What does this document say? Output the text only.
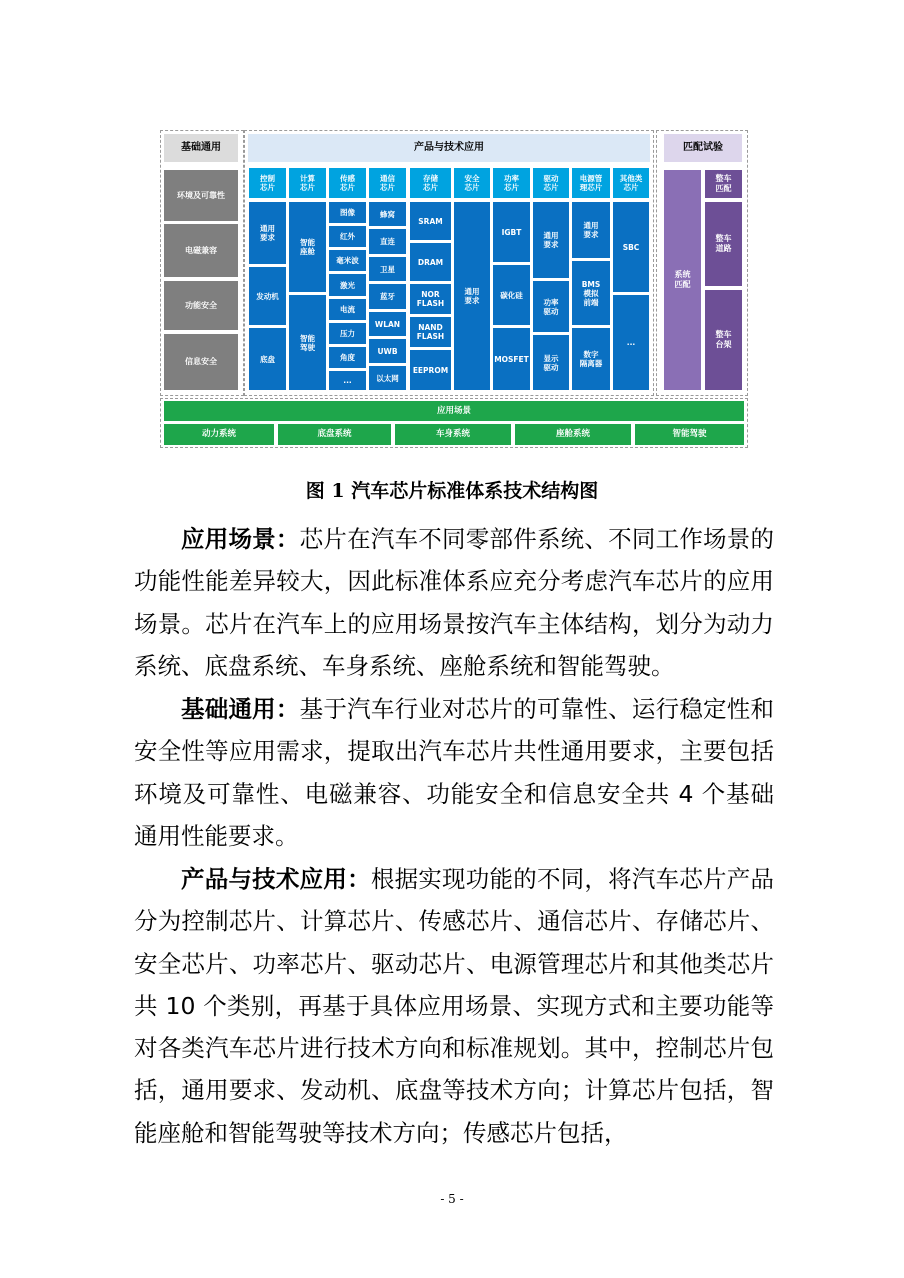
基础通用
环境及可靠性
电磁兼容
功能安全
信息安全
产品与技术应用
控制
芯片
通用
要求
发动机
底盘
计算
芯片
智能
座舱
智能
驾驶
传感
芯片
图像
红外
毫米波
激光
电流
压力
角度
...
通信
芯片
蜂窝
直连
卫星
蓝牙
WLAN
UWB
以太网
存储
芯片
SRAM
DRAM
NOR
FLASH
NAND
FLASH
EEPROM
安全
芯片
通用
要求
功率
芯片
IGBT
碳化硅
MOSFET
驱动
芯片
通用
要求
功率
驱动
显示
驱动
电源管
理芯片
通用
要求
BMS
模拟
前端
数字
隔离器
其他类
芯片
SBC
...
匹配试验
系统
匹配
整车
匹配
整车
道路
整车
台架
应用场景
动力系统	底盘系统	车身系统	座舱系统	智能驾驶
图 1 汽车芯片标准体系技术结构图

应用场景：芯片在汽车不同零部件系统、不同工作场景的功能性能差异较大，因此标准体系应充分考虑汽车芯片的应用场景。芯片在汽车上的应用场景按汽车主体结构，划分为动力系统、底盘系统、车身系统、座舱系统和智能驾驶。

基础通用：基于汽车行业对芯片的可靠性、运行稳定性和安全性等应用需求，提取出汽车芯片共性通用要求，主要包括环境及可靠性、电磁兼容、功能安全和信息安全共 4 个基础通用性能要求。

产品与技术应用：根据实现功能的不同，将汽车芯片产品分为控制芯片、计算芯片、传感芯片、通信芯片、存储芯片、安全芯片、功率芯片、驱动芯片、电源管理芯片和其他类芯片共 10 个类别，再基于具体应用场景、实现方式和主要功能等对各类汽车芯片进行技术方向和标准规划。其中，控制芯片包括，通用要求、发动机、底盘等技术方向；计算芯片包括，智能座舱和智能驾驶等技术方向；传感芯片包括，

- 5 -
